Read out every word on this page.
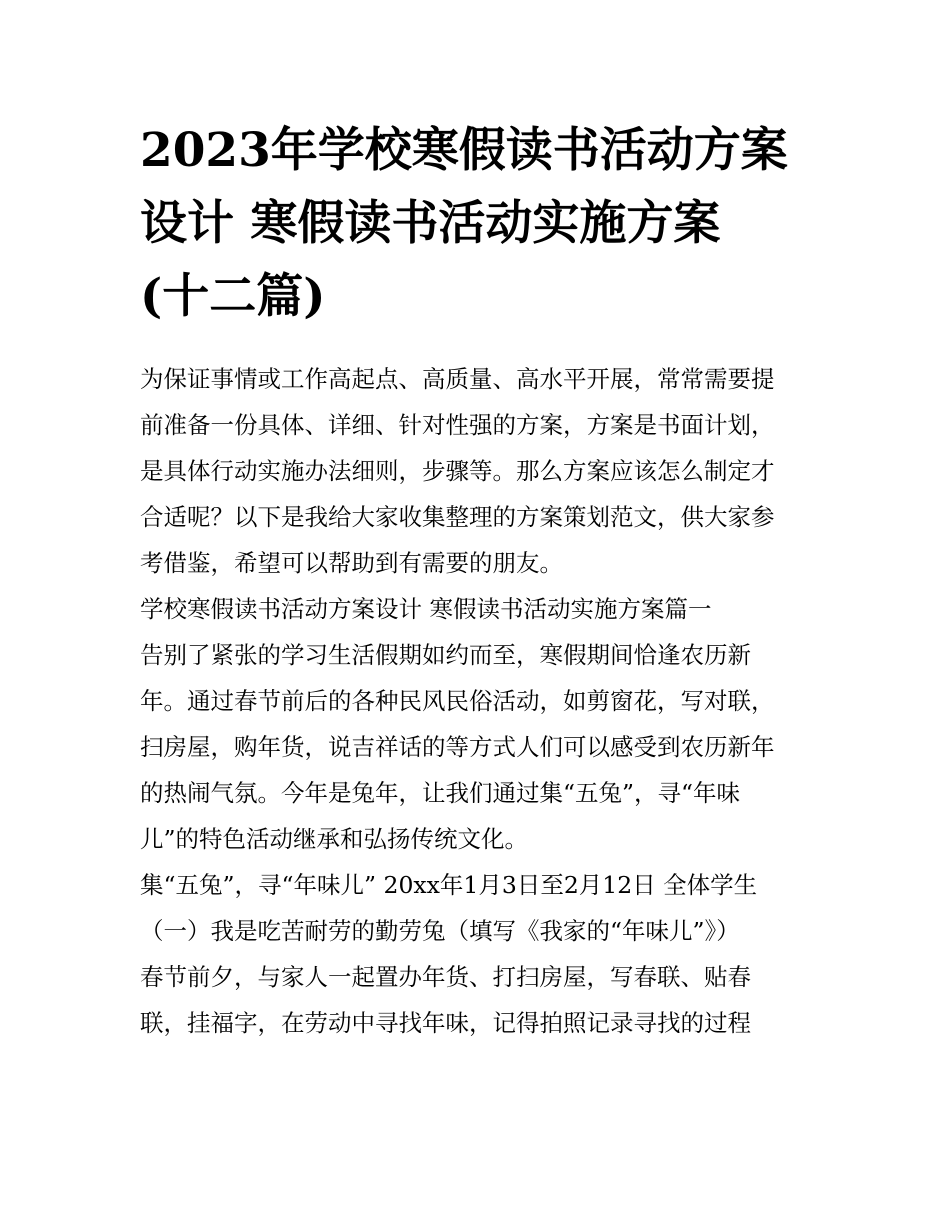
2023年学校寒假读书活动方案
设计 寒假读书活动实施方案
(十二篇)
为保证事情或工作高起点、高质量、高水平开展，常常需要提
前准备一份具体、详细、针对性强的方案，方案是书面计划，
是具体行动实施办法细则，步骤等。那么方案应该怎么制定才
合适呢？以下是我给大家收集整理的方案策划范文，供大家参
考借鉴，希望可以帮助到有需要的朋友。
学校寒假读书活动方案设计 寒假读书活动实施方案篇一
告别了紧张的学习生活假期如约而至，寒假期间恰逢农历新
年。通过春节前后的各种民风民俗活动，如剪窗花，写对联，
扫房屋，购年货，说吉祥话的等方式人们可以感受到农历新年
的热闹气氛。今年是兔年，让我们通过集“五兔”，寻“年味
儿”的特色活动继承和弘扬传统文化。
集“五兔”，寻“年味儿” 20xx年1月3日至2月12日 全体学生
（一）我是吃苦耐劳的勤劳兔（填写《我家的“年味儿”》）
春节前夕，与家人一起置办年货、打扫房屋，写春联、贴春
联，挂福字，在劳动中寻找年味，记得拍照记录寻找的过程
